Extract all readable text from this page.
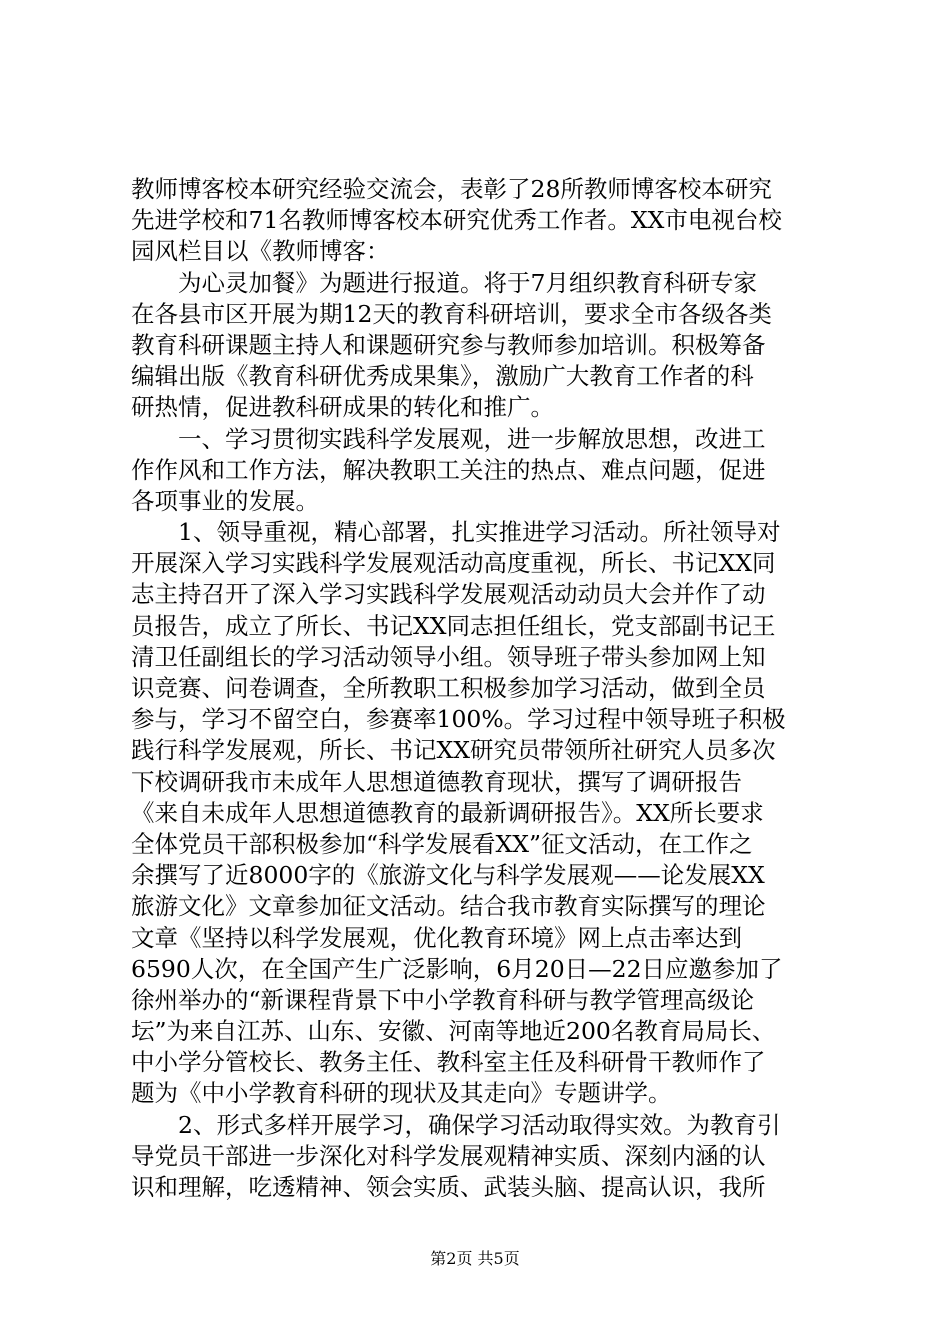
教师博客校本研究经验交流会，表彰了28所教师博客校本研究
先进学校和71名教师博客校本研究优秀工作者。XX市电视台校
园风栏目以《教师博客：
　　为心灵加餐》为题进行报道。将于7月组织教育科研专家
在各县市区开展为期12天的教育科研培训，要求全市各级各类
教育科研课题主持人和课题研究参与教师参加培训。积极筹备
编辑出版《教育科研优秀成果集》，激励广大教育工作者的科
研热情，促进教科研成果的转化和推广。
　　一、学习贯彻实践科学发展观，进一步解放思想，改进工
作作风和工作方法，解决教职工关注的热点、难点问题，促进
各项事业的发展。
　　1、领导重视，精心部署，扎实推进学习活动。所社领导对
开展深入学习实践科学发展观活动高度重视，所长、书记XX同
志主持召开了深入学习实践科学发展观活动动员大会并作了动
员报告，成立了所长、书记XX同志担任组长，党支部副书记王
清卫任副组长的学习活动领导小组。领导班子带头参加网上知
识竞赛、问卷调查，全所教职工积极参加学习活动，做到全员
参与，学习不留空白，参赛率100%。学习过程中领导班子积极
践行科学发展观，所长、书记XX研究员带领所社研究人员多次
下校调研我市未成年人思想道德教育现状，撰写了调研报告
《来自未成年人思想道德教育的最新调研报告》。XX所长要求
全体党员干部积极参加“科学发展看XX”征文活动，在工作之
余撰写了近8000字的《旅游文化与科学发展观——论发展XX
旅游文化》文章参加征文活动。结合我市教育实际撰写的理论
文章《坚持以科学发展观，优化教育环境》网上点击率达到
6590人次，在全国产生广泛影响，6月20日—22日应邀参加了
徐州举办的“新课程背景下中小学教育科研与教学管理高级论
坛”为来自江苏、山东、安徽、河南等地近200名教育局局长、
中小学分管校长、教务主任、教科室主任及科研骨干教师作了
题为《中小学教育科研的现状及其走向》专题讲学。
　　2、形式多样开展学习，确保学习活动取得实效。为教育引
导党员干部进一步深化对科学发展观精神实质、深刻内涵的认
识和理解，吃透精神、领会实质、武装头脑、提高认识，我所
第2页 共5页
